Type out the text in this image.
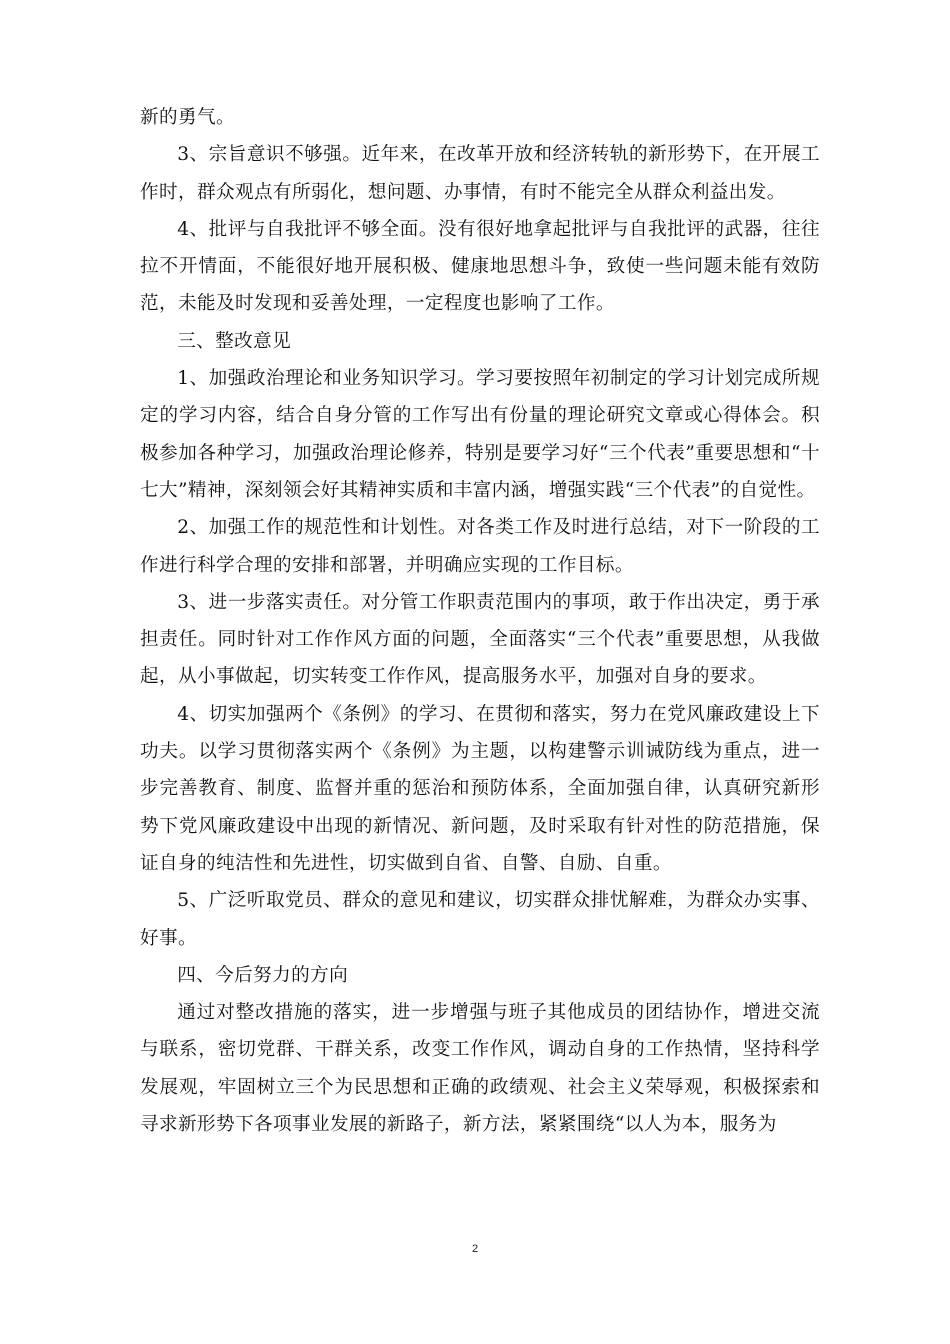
新的勇气。

3、宗旨意识不够强。近年来，在改革开放和经济转轨的新形势下，在开展工作时，群众观点有所弱化，想问题、办事情，有时不能完全从群众利益出发。

4、批评与自我批评不够全面。没有很好地拿起批评与自我批评的武器，往往拉不开情面，不能很好地开展积极、健康地思想斗争，致使一些问题未能有效防范，未能及时发现和妥善处理，一定程度也影响了工作。

三、整改意见

1、加强政治理论和业务知识学习。学习要按照年初制定的学习计划完成所规定的学习内容，结合自身分管的工作写出有份量的理论研究文章或心得体会。积极参加各种学习，加强政治理论修养，特别是要学习好“三个代表”重要思想和“十七大”精神，深刻领会好其精神实质和丰富内涵，增强实践“三个代表”的自觉性。

2、加强工作的规范性和计划性。对各类工作及时进行总结，对下一阶段的工作进行科学合理的安排和部署，并明确应实现的工作目标。

3、进一步落实责任。对分管工作职责范围内的事项，敢于作出决定，勇于承担责任。同时针对工作作风方面的问题，全面落实“三个代表”重要思想，从我做起，从小事做起，切实转变工作作风，提高服务水平，加强对自身的要求。

4、切实加强两个《条例》的学习、在贯彻和落实，努力在党风廉政建设上下功夫。以学习贯彻落实两个《条例》为主题，以构建警示训诫防线为重点，进一步完善教育、制度、监督并重的惩治和预防体系，全面加强自律，认真研究新形势下党风廉政建设中出现的新情况、新问题，及时采取有针对性的防范措施，保证自身的纯洁性和先进性，切实做到自省、自警、自励、自重。

5、广泛听取党员、群众的意见和建议，切实群众排忧解难，为群众办实事、好事。

四、今后努力的方向

通过对整改措施的落实，进一步增强与班子其他成员的团结协作，增进交流与联系，密切党群、干群关系，改变工作作风，调动自身的工作热情，坚持科学发展观，牢固树立三个为民思想和正确的政绩观、社会主义荣辱观，积极探索和寻求新形势下各项事业发展的新路子，新方法，紧紧围绕“以人为本，服务为

2
